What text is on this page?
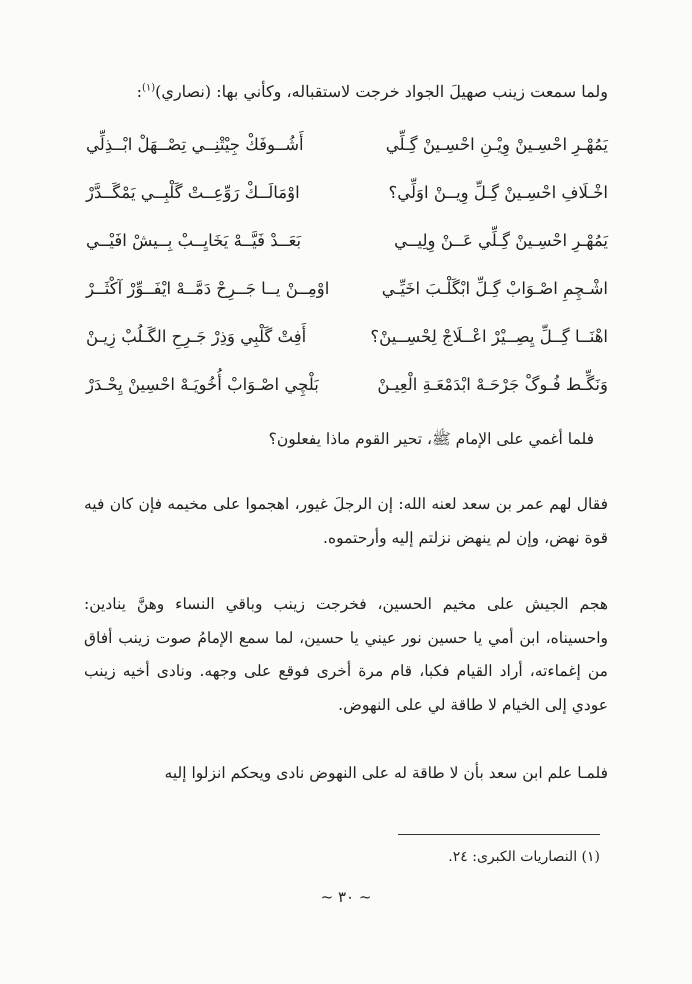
ولما سمعت زينب صهيلَ الجواد خرجت لاستقباله، وكأني بها: (نصاري)$^{(١)}$:
يَمُهْـرِ احْسِـينْ وِيْـنِ احْسِـينْ گِـلِّي
أَشُــوفَكْ جِيْتْنِــي تِصْــهَلْ ابْــذِلِّي
اخْـلَافِ احْسِـينْ گِـلِّ وِيــنْ اوَلِّي؟
اوْمَالَــكْ رَوِّعِــتْ گَلْبِــي يَمْگَــدَّرْ
يَمُهْـرِ احْسِـينْ گِـلِّي عَــنْ وِلِيــي
بَعَــدْ فَيَّــهْ يَخَايِــبْ بِــيشْ افَيْــي
اشْـچِمِ اصْـوَابْ گِـلِّ ابْگَلْـبَ اخَيِّـي
اوْمِــنْ يــا جَــرِحْ دَمَّــهْ ايْفَــوِّرْ آكْثَــرْ
اهْنَــا گِــلِّ يِصِــيْرْ اعْــلَاجْ لِحْسِــينْ؟
أَفِتْ گَلْبِي وَذِرْ جَـرِحِ الگَـلُبْ زِيـنْ
وَنَگِّـط فُـوگْ جَرْحَـهْ ابْدَمْعَـةِ الْعِيـنْ
بَلْچِي اصْـوَابْ أُخُويَـهْ احْسِينْ يِحْـدَرْ

فلما أغمي على الإمام ﷺ، تحير القوم ماذا يفعلون؟

فقال لهم عمر بن سعد لعنه الله: إن الرجلَ غيور، اهجموا على مخيمه فإن كان فيه قوة نهض، وإن لم ينهض نزلتم إليه وأرحتموه.

هجم الجيش على مخيم الحسين، فخرجت زينب وباقي النساء وهنَّ ينادين: واحسيناه، ابن أمي يا حسين نور عيني يا حسين، لما سمع الإمامُ صوت زينب أفاق من إغماءته، أراد القيام فكبا، قام مرة أخرى فوقع على وجهه. ونادى أخيه زينب عودي إلى الخيام لا طاقة لي على النهوض.

فلمـا علم ابن سعد بأن لا طاقة له على النهوض نادى ويحكم انزلوا إليه

(١) النصاريات الكبرى: ٢٤.
~ ٣٠ ~
